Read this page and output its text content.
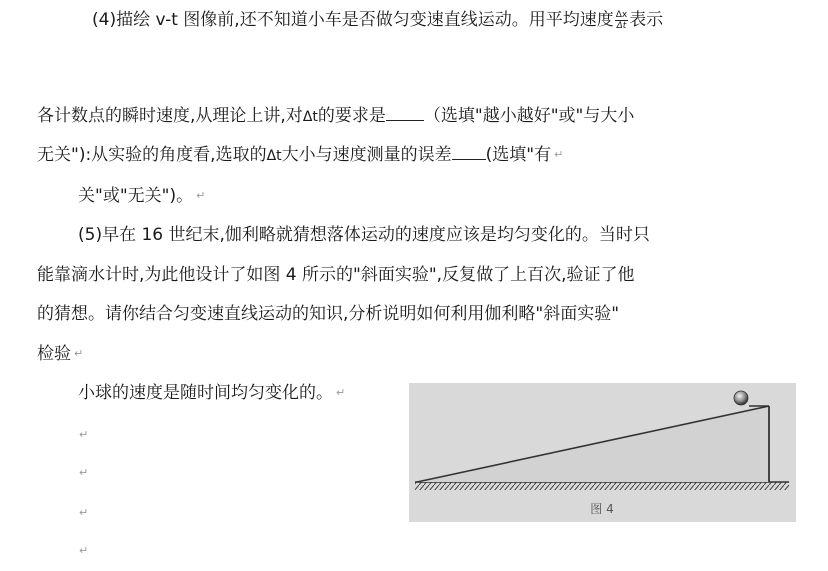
(4)描绘 v-t 图像前,还不知道小车是否做匀变速直线运动。用平均速度 $\frac{\Delta x}{\Delta t}$ 表示
各计数点的瞬时速度,从理论上讲,对Δt的要求是 （选填"越小越好"或"与大小
无关"):从实验的角度看,选取的Δt大小与速度测量的误差 (选填"有 ↵
关"或"无关")。 ↵
(5)早在 16 世纪末,伽利略就猜想落体运动的速度应该是均匀变化的。当时只
能靠滴水计时,为此他设计了如图 4 所示的"斜面实验",反复做了上百次,验证了他
的猜想。请你结合匀变速直线运动的知识,分析说明如何利用伽利略"斜面实验"
检验 ↵
小球的速度是随时间均匀变化的。 ↵
↵
↵
↵
↵
图 4
